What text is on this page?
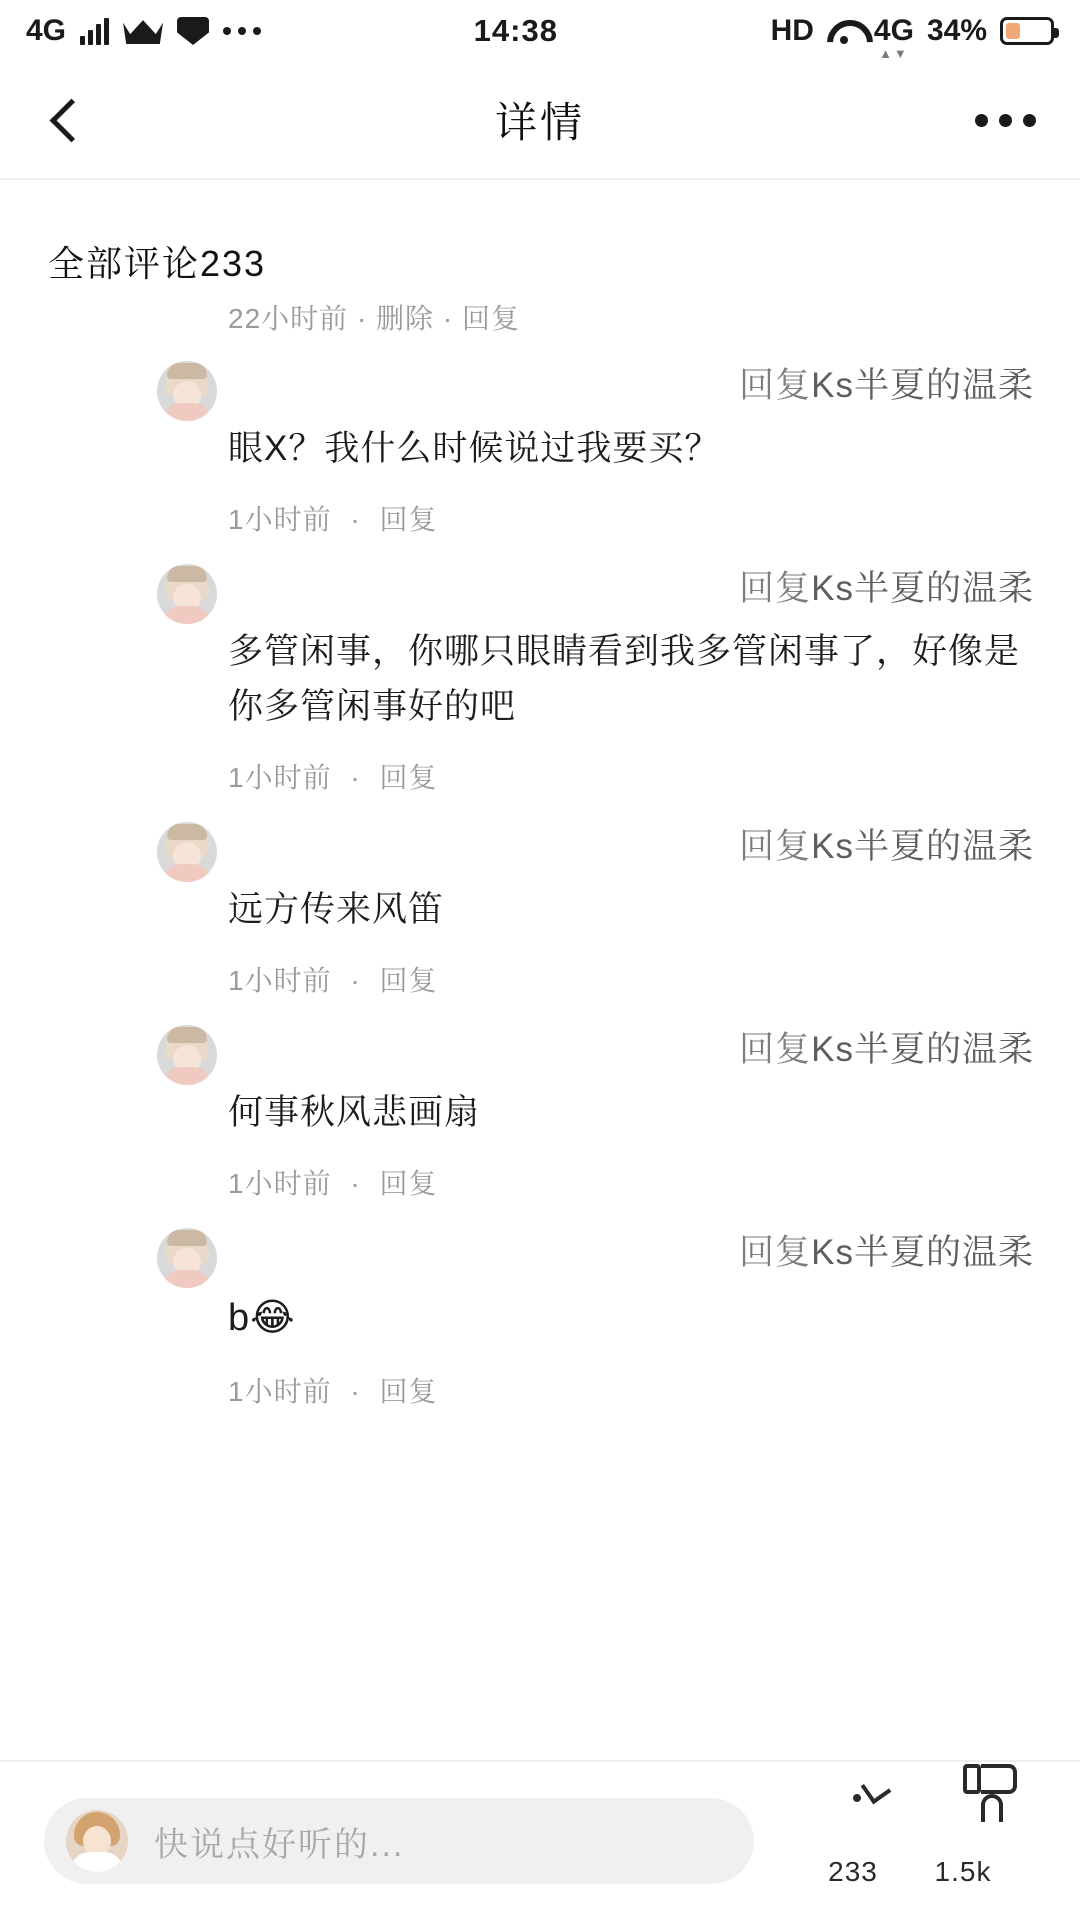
4G	14:38	HD 4G
▲▼
34%
详情
全部评论233
22小时前 · 删除 · 回复
回复Ks半夏的温柔
眼X？我什么时候说过我要买？
1小时前 · 回复
回复Ks半夏的温柔
多管闲事，你哪只眼睛看到我多管闲事了，好像是你多管闲事好的吧
1小时前 · 回复
回复Ks半夏的温柔
远方传来风笛
1小时前 · 回复
回复Ks半夏的温柔
何事秋风悲画扇
1小时前 · 回复
回复Ks半夏的温柔
b😂
1小时前 · 回复
快说点好听的...
233	1.5k
